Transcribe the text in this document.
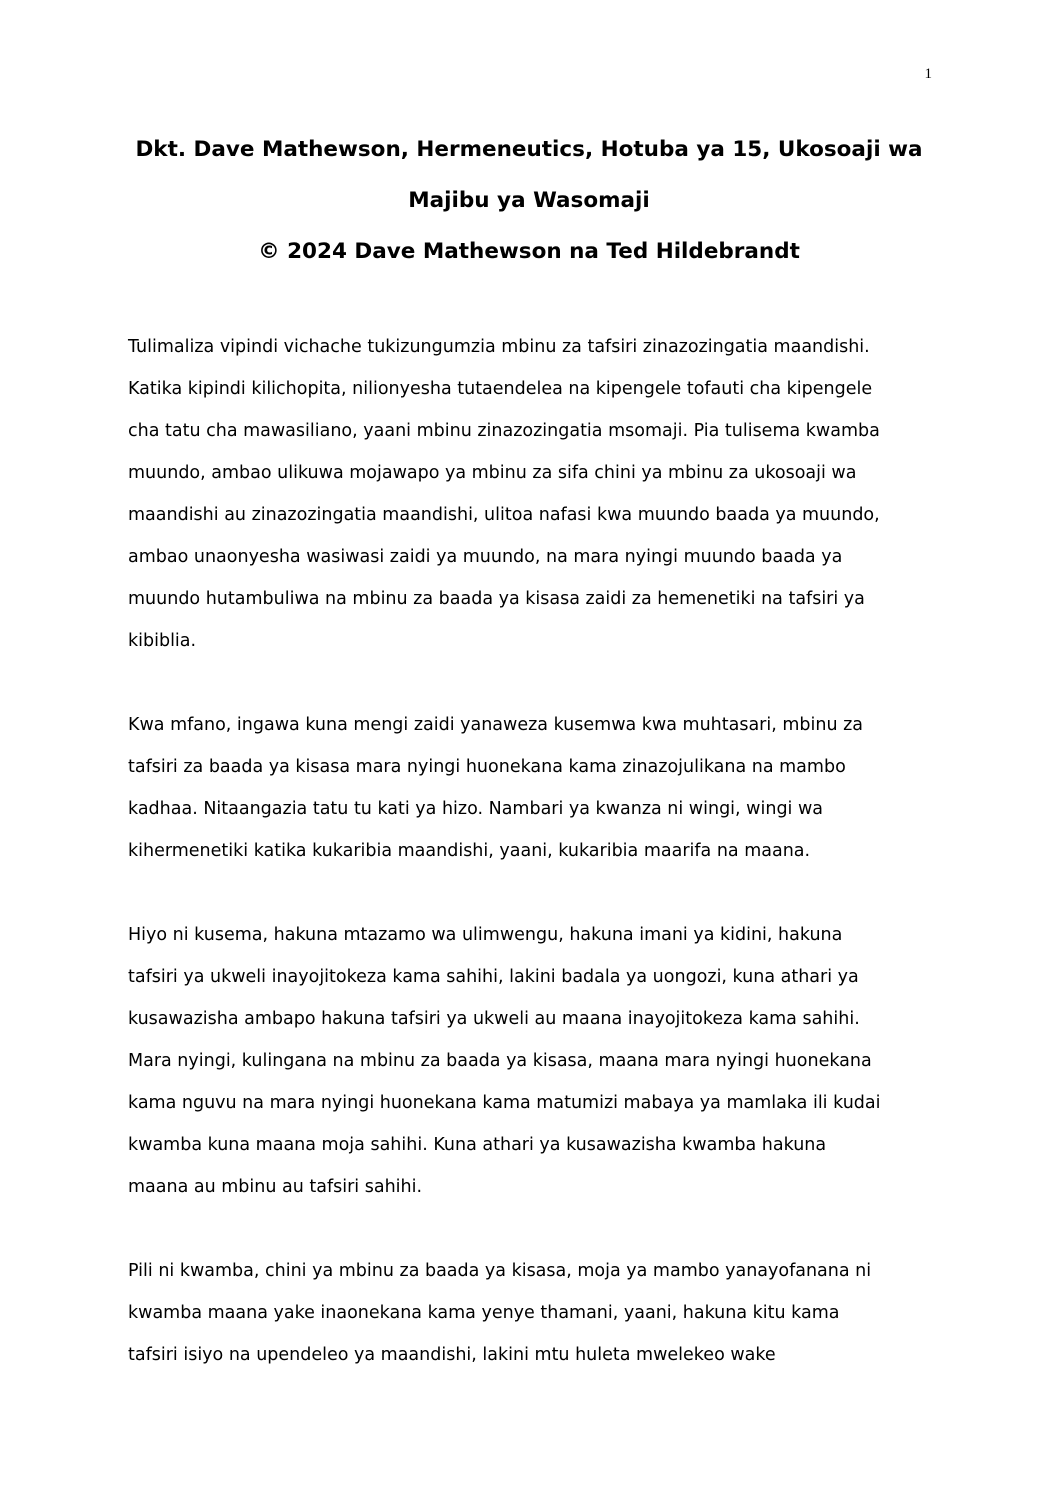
1
Dkt. Dave Mathewson, Hermeneutics, Hotuba ya 15, Ukosoaji wa
Majibu ya Wasomaji
© 2024 Dave Mathewson na Ted Hildebrandt

Tulimaliza vipindi vichache tukizungumzia mbinu za tafsiri zinazozingatia maandishi.
Katika kipindi kilichopita, nilionyesha tutaendelea na kipengele tofauti cha kipengele
cha tatu cha mawasiliano, yaani mbinu zinazozingatia msomaji. Pia tulisema kwamba
muundo, ambao ulikuwa mojawapo ya mbinu za sifa chini ya mbinu za ukosoaji wa
maandishi au zinazozingatia maandishi, ulitoa nafasi kwa muundo baada ya muundo,
ambao unaonyesha wasiwasi zaidi ya muundo, na mara nyingi muundo baada ya
muundo hutambuliwa na mbinu za baada ya kisasa zaidi za hemenetiki na tafsiri ya
kibiblia.

Kwa mfano, ingawa kuna mengi zaidi yanaweza kusemwa kwa muhtasari, mbinu za
tafsiri za baada ya kisasa mara nyingi huonekana kama zinazojulikana na mambo
kadhaa. Nitaangazia tatu tu kati ya hizo. Nambari ya kwanza ni wingi, wingi wa
kihermenetiki katika kukaribia maandishi, yaani, kukaribia maarifa na maana.

Hiyo ni kusema, hakuna mtazamo wa ulimwengu, hakuna imani ya kidini, hakuna
tafsiri ya ukweli inayojitokeza kama sahihi, lakini badala ya uongozi, kuna athari ya
kusawazisha ambapo hakuna tafsiri ya ukweli au maana inayojitokeza kama sahihi.
Mara nyingi, kulingana na mbinu za baada ya kisasa, maana mara nyingi huonekana
kama nguvu na mara nyingi huonekana kama matumizi mabaya ya mamlaka ili kudai
kwamba kuna maana moja sahihi. Kuna athari ya kusawazisha kwamba hakuna
maana au mbinu au tafsiri sahihi.

Pili ni kwamba, chini ya mbinu za baada ya kisasa, moja ya mambo yanayofanana ni
kwamba maana yake inaonekana kama yenye thamani, yaani, hakuna kitu kama
tafsiri isiyo na upendeleo ya maandishi, lakini mtu huleta mwelekeo wake
